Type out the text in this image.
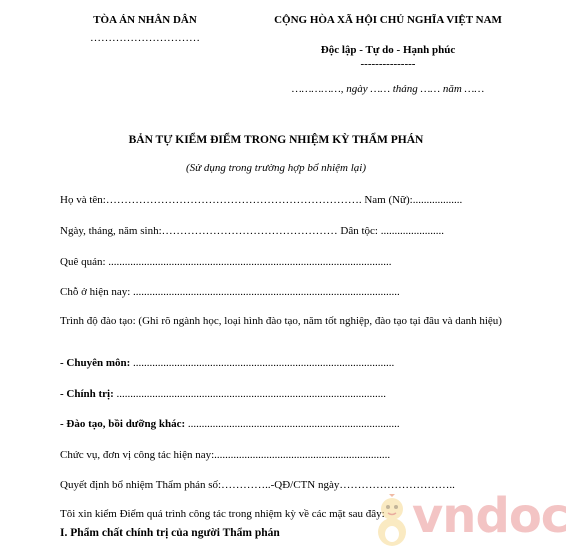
TÒA ÁN NHÂN DÂN
…………………………
CỘNG HÒA XÃ HỘI CHỦ NGHĨA VIỆT NAM
Độc lập - Tự do - Hạnh phúc
---------------
……………, ngày …… tháng …… năm ……
BẢN TỰ KIỂM ĐIỂM TRONG NHIỆM KỲ THẨM PHÁN
(Sử dụng trong trường hợp bổ nhiệm lại)
Họ và tên:……………………………………………………………. Nam (Nữ):..................
Ngày, tháng, năm sinh:………………………………………… Dân tộc: .......................
Quê quán: .......................................................................................................
Chỗ ở hiện nay: .................................................................................................
Trình độ đào tạo: (Ghi rõ ngành học, loại hình đào tạo, năm tốt nghiệp, đào tạo tại đâu và danh hiệu)
- Chuyên môn: ...............................................................................................
- Chính trị: ..................................................................................................
- Đào tạo, bồi dưỡng khác: .............................................................................
Chức vụ, đơn vị công tác hiện nay:................................................................
Quyết định bổ nhiệm Thẩm phán số:…………..-QĐ/CTN ngày…………………………..
Tôi xin kiểm Điểm quá trình công tác trong nhiệm kỳ về các mặt sau đây:
I. Phẩm chất chính trị của người Thẩm phán	vndoc
